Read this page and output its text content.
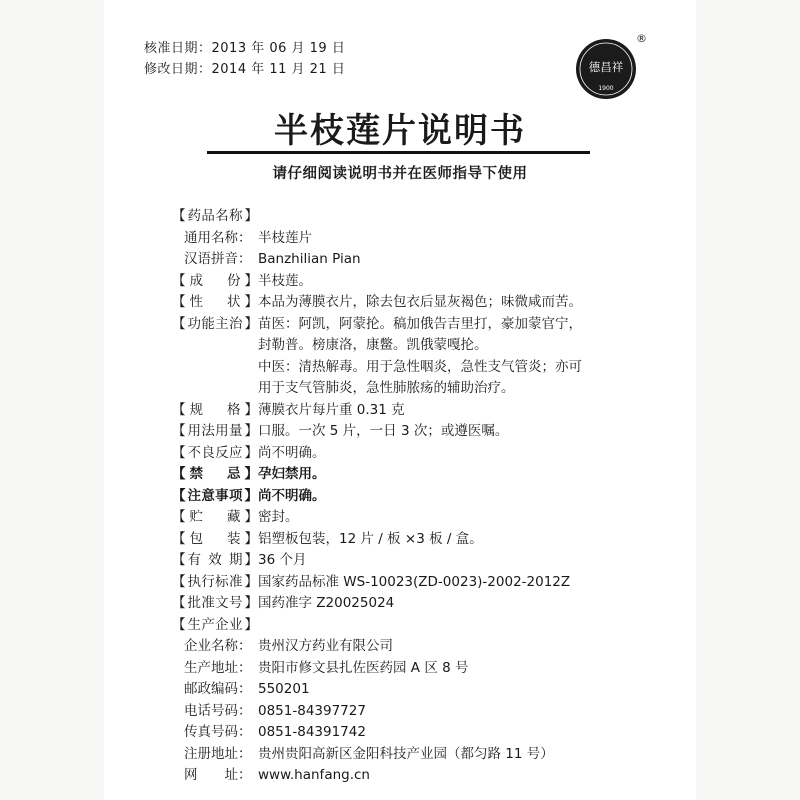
核准日期：2013 年 06 月 19 日
修改日期：2014 年 11 月 21 日	德昌祥
1900
®
半枝莲片说明书
请仔细阅读说明书并在医师指导下使用
【 药 品 名 称 】
通用名称： 半枝莲片
汉语拼音： Banzhilian Pian
【 成 份 】 半枝莲。
【 性 状 】 本品为薄膜衣片，除去包衣后显灰褐色；味微咸而苦。
【 功 能 主 治 】 苗医：阿凯，阿蒙抡。稿加俄告吉里打，豪加蒙官宁，
封勒普。榜康洛，康鳖。凯俄蒙嘎抡。
中医：清热解毒。用于急性咽炎，急性支气管炎；亦可
用于支气管肺炎，急性肺脓疡的辅助治疗。
【 规 格 】 薄膜衣片每片重 0.31 克
【 用 法 用 量 】 口服。一次 5 片，一日 3 次；或遵医嘱。
【 不 良 反 应 】 尚不明确。
【 禁 忌 】 孕妇禁用。
【 注 意 事 项 】 尚不明确。
【 贮 藏 】 密封。
【 包 装 】 铝塑板包装，12 片 / 板 ×3 板 / 盒。
【 有 效 期 】 36 个月
【 执 行 标 准 】 国家药品标准 WS-10023(ZD-0023)-2002-2012Z
【 批 准 文 号 】 国药准字 Z20025024
【 生 产 企 业 】
企业名称： 贵州汉方药业有限公司
生产地址： 贵阳市修文县扎佐医药园 A 区 8 号
邮政编码： 550201
电话号码： 0851-84397727
传真号码： 0851-84391742
注册地址： 贵州贵阳高新区金阳科技产业园（都匀路 11 号）
网　　址： www.hanfang.cn
